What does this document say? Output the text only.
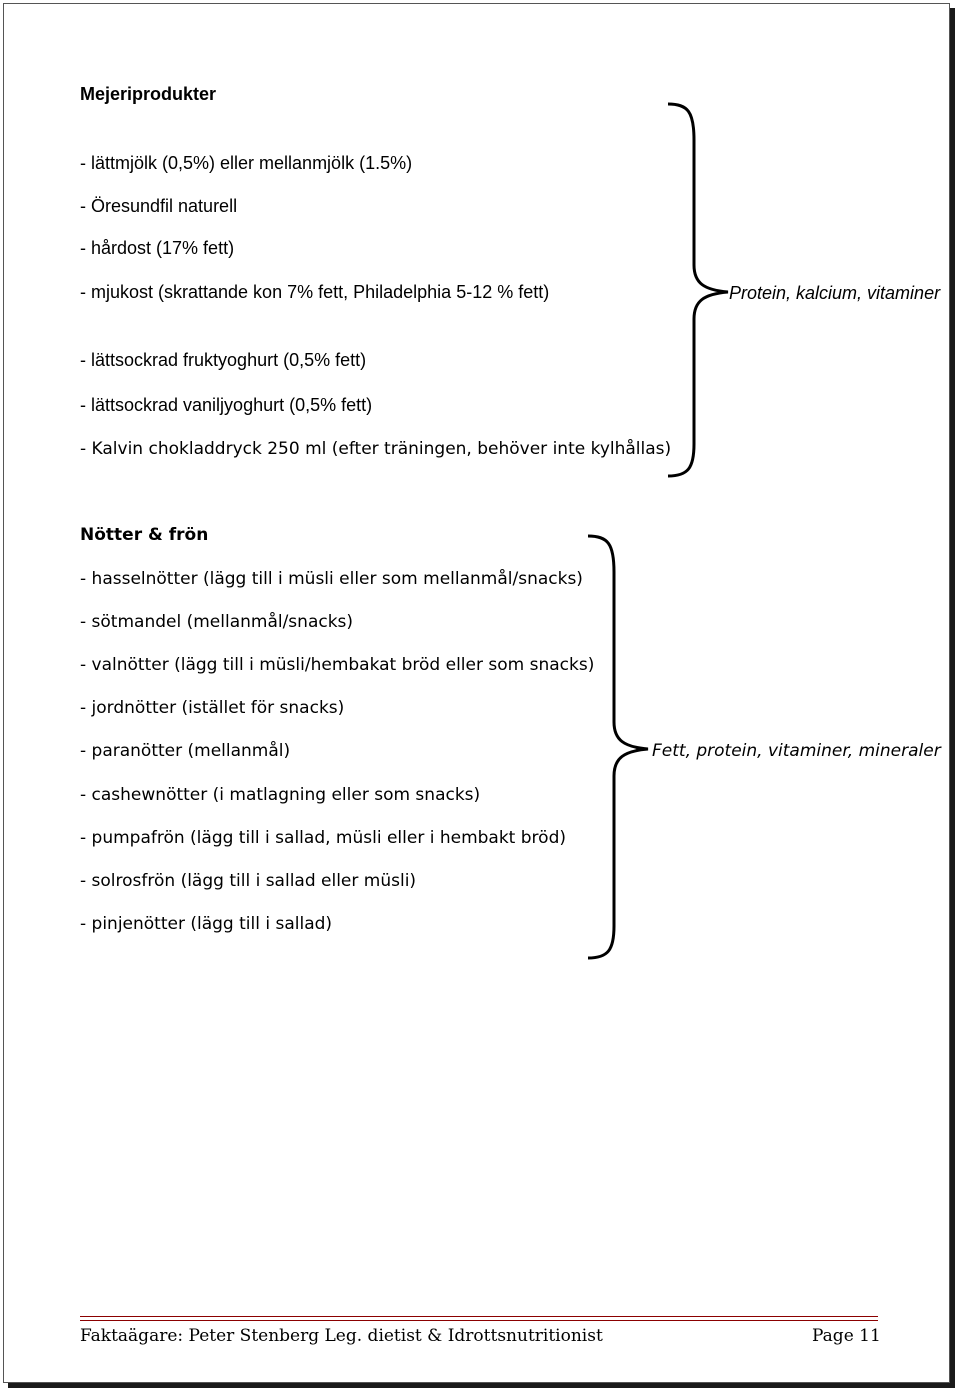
Mejeriprodukter
- lättmjölk (0,5%) eller mellanmjölk (1.5%)
- Öresundfil naturell
- hårdost (17% fett)
- mjukost (skrattande kon 7% fett, Philadelphia 5-12 % fett)
- lättsockrad fruktyoghurt (0,5% fett)
- lättsockrad vaniljyoghurt (0,5% fett)
- Kalvin chokladdryck 250 ml (efter träningen, behöver inte kylhållas)
Protein, kalcium, vitaminer
Nötter & frön
- hasselnötter (lägg till i müsli eller som mellanmål/snacks)
- sötmandel (mellanmål/snacks)
- valnötter (lägg till i müsli/hembakat bröd eller som snacks)
- jordnötter (istället för snacks)
- paranötter (mellanmål)
- cashewnötter (i matlagning eller som snacks)
- pumpafrön (lägg till i sallad, müsli eller i hembakt bröd)
- solrosfrön (lägg till i sallad eller müsli)
- pinjenötter (lägg till i sallad)
Fett, protein, vitaminer, mineraler
Faktaägare: Peter Stenberg Leg. dietist & Idrottsnutritionist	Page 11
